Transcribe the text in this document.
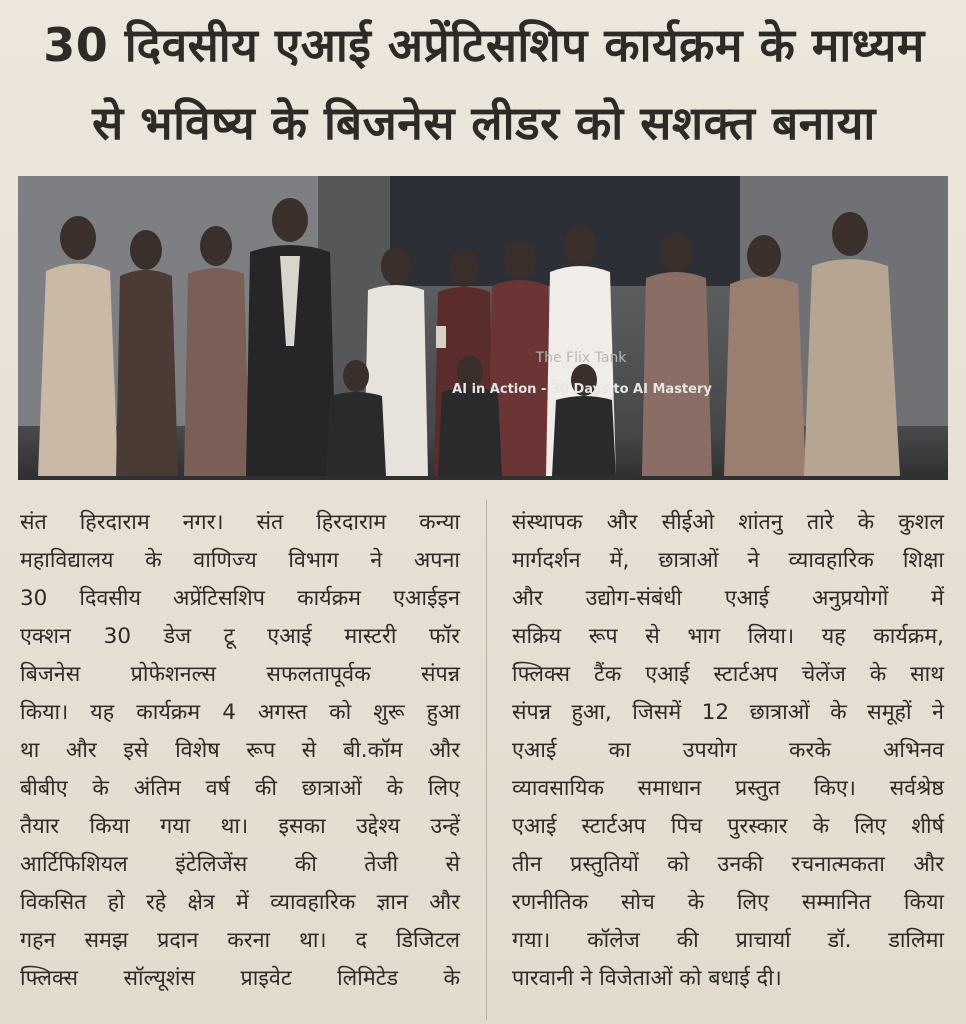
30 दिवसीय एआई अप्रेंटिसशिप कार्यक्रम के माध्यम
से भविष्य के बिजनेस लीडर को सशक्त बनाया
The Flix Tank
AI in Action - 30 Days to AI Mastery
संत हिरदाराम नगर। संत हिरदाराम कन्या
महाविद्यालय के वाणिज्य विभाग ने अपना
30 दिवसीय अप्रेंटिसशिप कार्यक्रम एआईइन
एक्शन 30 डेज टू एआई मास्टरी फॉर
बिजनेस प्रोफेशनल्स सफलतापूर्वक संपन्न
किया। यह कार्यक्रम 4 अगस्त को शुरू हुआ
था और इसे विशेष रूप से बी.कॉम और
बीबीए के अंतिम वर्ष की छात्राओं के लिए
तैयार किया गया था। इसका उद्देश्य उन्हें
आर्टिफिशियल इंटेलिजेंस की तेजी से
विकसित हो रहे क्षेत्र में व्यावहारिक ज्ञान और
गहन समझ प्रदान करना था। द डिजिटल
फ्लिक्स सॉल्यूशंस प्राइवेट लिमिटेड के
संस्थापक और सीईओ शांतनु तारे के कुशल
मार्गदर्शन में, छात्राओं ने व्यावहारिक शिक्षा
और उद्योग-संबंधी एआई अनुप्रयोगों में
सक्रिय रूप से भाग लिया। यह कार्यक्रम,
फ्लिक्स टैंक एआई स्टार्टअप चेलेंज के साथ
संपन्न हुआ, जिसमें 12 छात्राओं के समूहों ने
एआई का उपयोग करके अभिनव
व्यावसायिक समाधान प्रस्तुत किए। सर्वश्रेष्ठ
एआई स्टार्टअप पिच पुरस्कार के लिए शीर्ष
तीन प्रस्तुतियों को उनकी रचनात्मकता और
रणनीतिक सोच के लिए सम्मानित किया
गया। कॉलेज की प्राचार्या डॉ. डालिमा
पारवानी ने विजेताओं को बधाई दी।
